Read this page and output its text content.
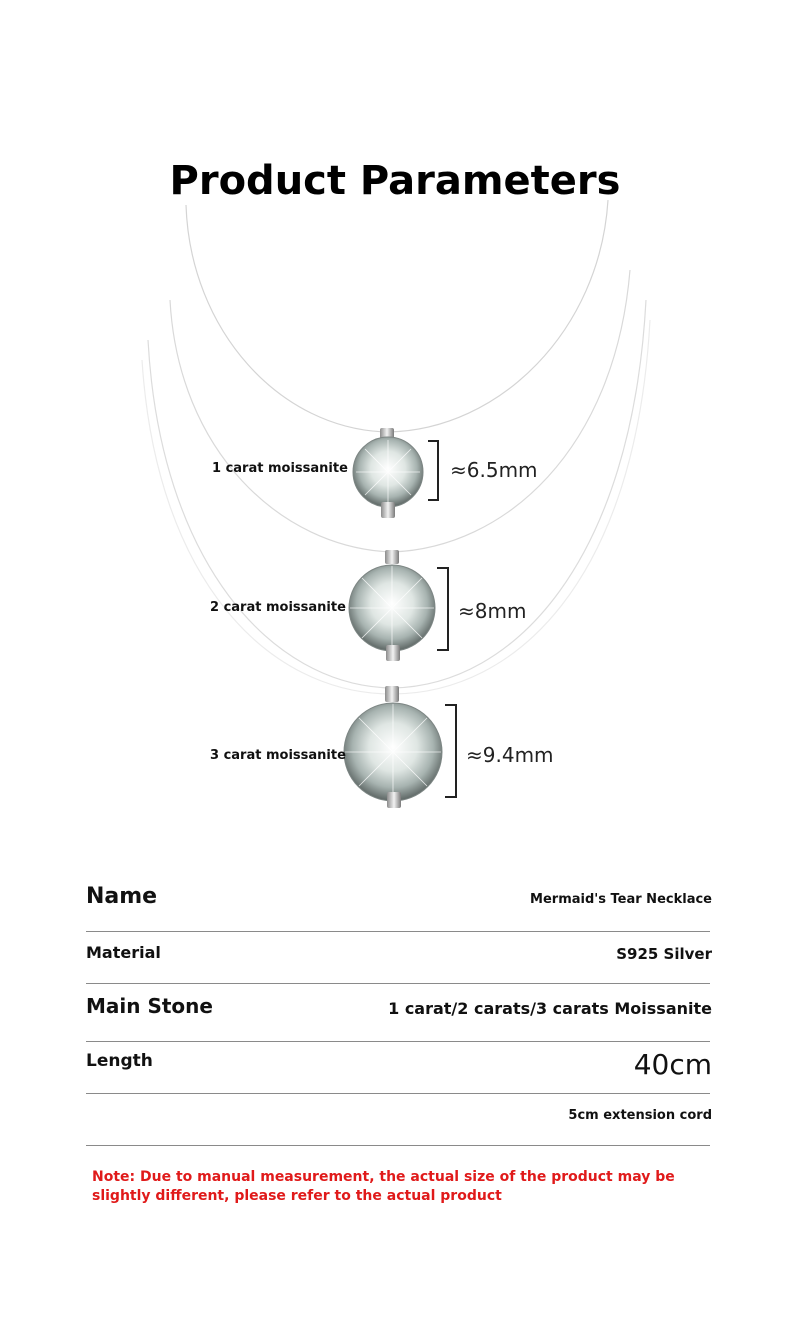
Product Parameters
1 carat moissanite
2 carat moissanite
3 carat moissanite
≈6.5mm
≈8mm
≈9.4mm
Name	Mermaid's Tear Necklace
Material	S925 Silver
Main Stone	1 carat/2 carats/3 carats Moissanite
Length	40cm
5cm extension cord
Note: Due to manual measurement, the actual size of the product may be slightly different, please refer to the actual product
